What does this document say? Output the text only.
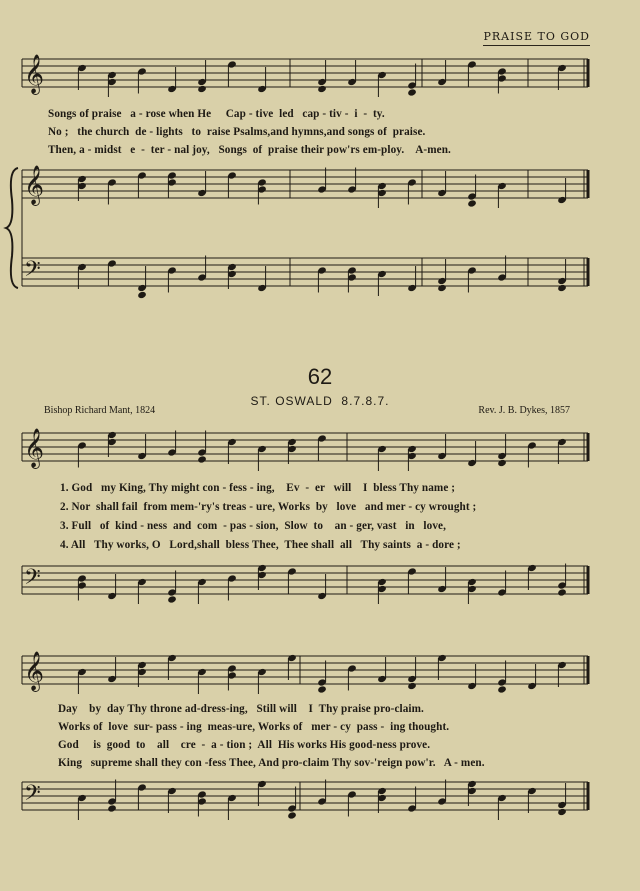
PRAISE TO GOD
𝄞
𝄞
𝄢
𝄞
𝄢
𝄞
𝄢
Songs of praise   a - rose when He     Cap - tive  led   cap - tiv -  i  -  ty.
No ;   the church  de - lights   to  raise Psalms,and hymns,and songs of  praise.
Then, a - midst   e  -  ter - nal joy,   Songs  of  praise their pow'rs em-ploy.    A-men.
62
ST. OSWALD  8.7.8.7.
Bishop Richard Mant, 1824	Rev. J. B. Dykes, 1857
1. God   my King, Thy might con - fess - ing,    Ev  -  er   will    I  bless Thy name ;
2. Nor  shall fail  from mem-'ry's treas - ure, Works  by   love   and mer - cy wrought ;
3. Full   of  kind - ness  and  com  - pas - sion,  Slow  to    an - ger, vast   in   love,
4. All   Thy works, O   Lord,shall  bless Thee,  Thee shall  all   Thy saints  a - dore ;
Day    by  day Thy throne ad-dress-ing,   Still will    I  Thy praise pro-claim.
Works of  love  sur- pass - ing  meas-ure, Works of   mer - cy  pass -  ing thought.
God     is  good  to    all    cre  -  a - tion ;  All  His works His good-ness prove.
King   supreme shall they con -fess Thee, And pro-claim Thy sov-'reign pow'r.   A - men.
